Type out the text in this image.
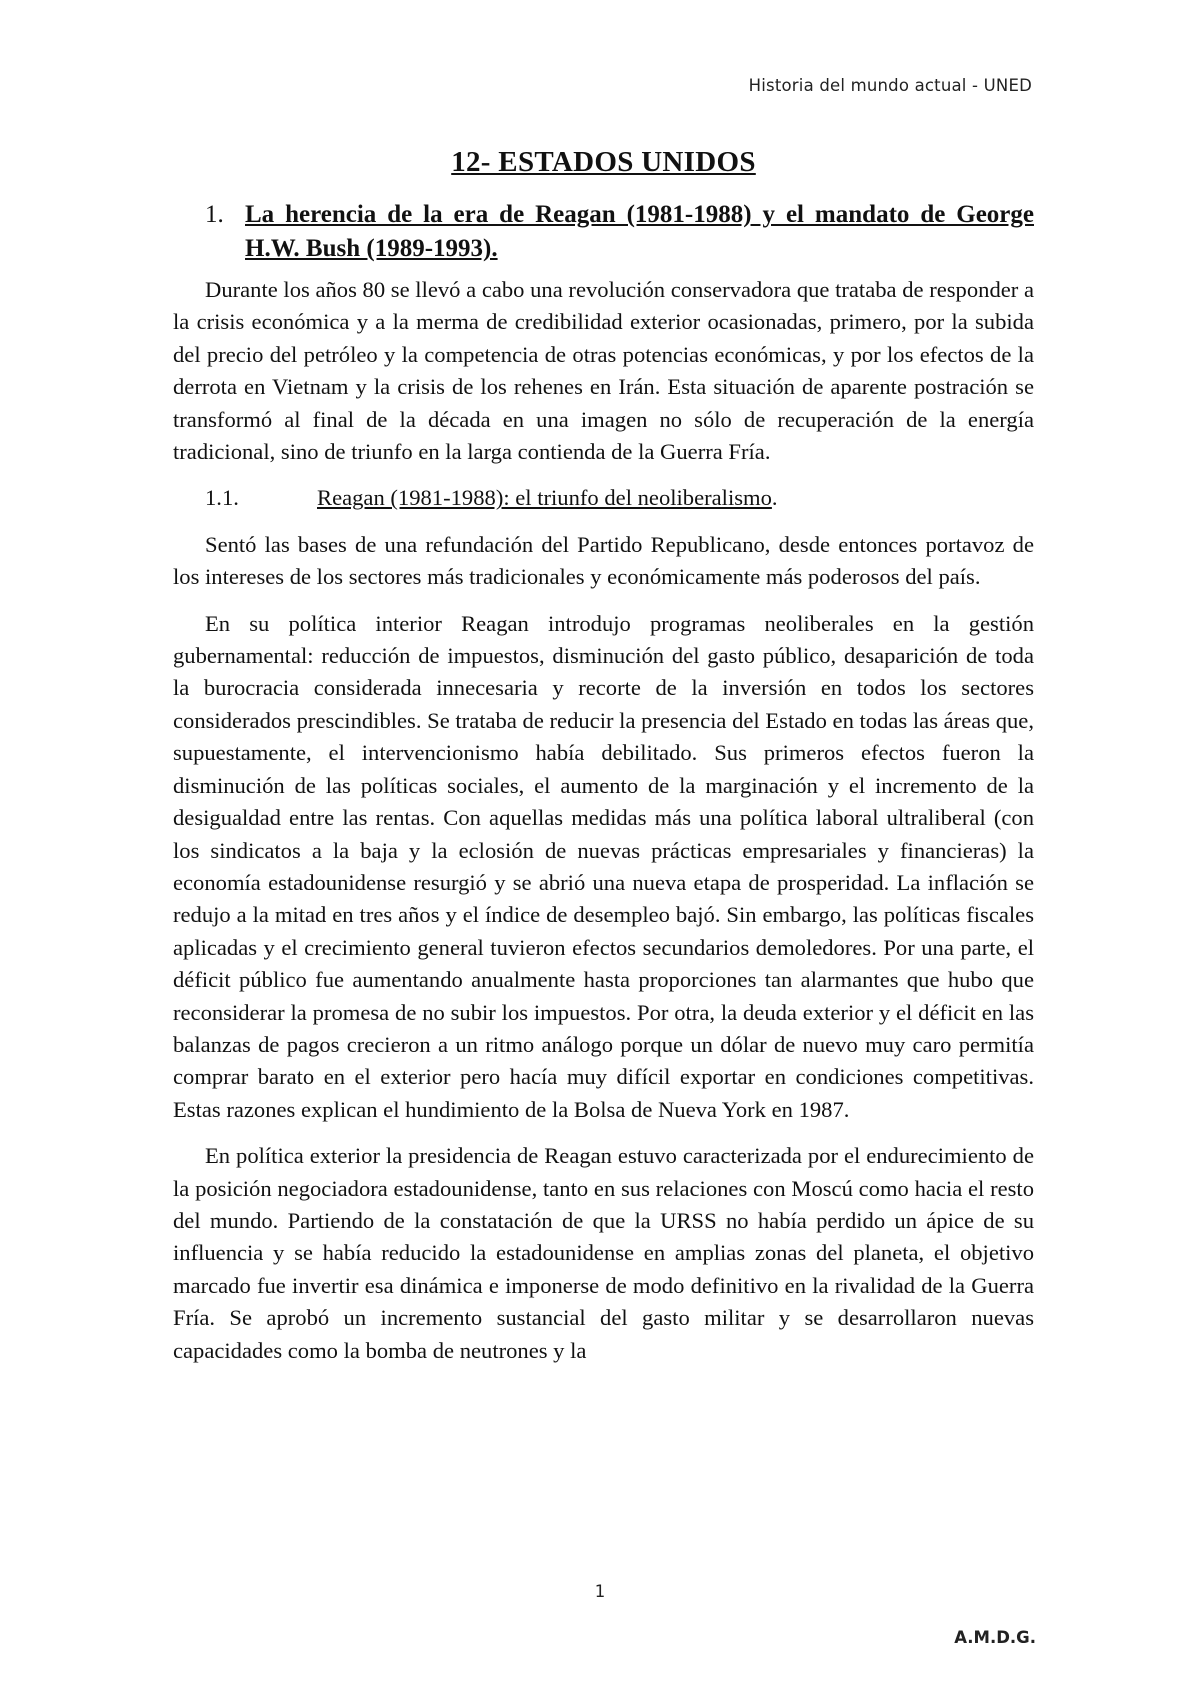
Historia del mundo actual - UNED
12- ESTADOS UNIDOS
1. La herencia de la era de Reagan (1981-1988) y el mandato de George H.W. Bush (1989-1993).

Durante los años 80 se llevó a cabo una revolución conservadora que trataba de responder a la crisis económica y a la merma de credibilidad exterior ocasionadas, primero, por la subida del precio del petróleo y la competencia de otras potencias económicas, y por los efectos de la derrota en Vietnam y la crisis de los rehenes en Irán. Esta situación de aparente postración se transformó al final de la década en una imagen no sólo de recuperación de la energía tradicional, sino de triunfo en la larga contienda de la Guerra Fría.

1.1.	Reagan (1981-1988): el triunfo del neoliberalismo.

Sentó las bases de una refundación del Partido Republicano, desde entonces portavoz de los intereses de los sectores más tradicionales y económicamente más poderosos del país.

En su política interior Reagan introdujo programas neoliberales en la gestión gubernamental: reducción de impuestos, disminución del gasto público, desaparición de toda la burocracia considerada innecesaria y recorte de la inversión en todos los sectores considerados prescindibles. Se trataba de reducir la presencia del Estado en todas las áreas que, supuestamente, el intervencionismo había debilitado. Sus primeros efectos fueron la disminución de las políticas sociales, el aumento de la marginación y el incremento de la desigualdad entre las rentas. Con aquellas medidas más una política laboral ultraliberal (con los sindicatos a la baja y la eclosión de nuevas prácticas empresariales y financieras) la economía estadounidense resurgió y se abrió una nueva etapa de prosperidad. La inflación se redujo a la mitad en tres años y el índice de desempleo bajó. Sin embargo, las políticas fiscales aplicadas y el crecimiento general tuvieron efectos secundarios demoledores. Por una parte, el déficit público fue aumentando anualmente hasta proporciones tan alarmantes que hubo que reconsiderar la promesa de no subir los impuestos. Por otra, la deuda exterior y el déficit en las balanzas de pagos crecieron a un ritmo análogo porque un dólar de nuevo muy caro permitía comprar barato en el exterior pero hacía muy difícil exportar en condiciones competitivas. Estas razones explican el hundimiento de la Bolsa de Nueva York en 1987.

En política exterior la presidencia de Reagan estuvo caracterizada por el endurecimiento de la posición negociadora estadounidense, tanto en sus relaciones con Moscú como hacia el resto del mundo. Partiendo de la constatación de que la URSS no había perdido un ápice de su influencia y se había reducido la estadounidense en amplias zonas del planeta, el objetivo marcado fue invertir esa dinámica e imponerse de modo definitivo en la rivalidad de la Guerra Fría. Se aprobó un incremento sustancial del gasto militar y se desarrollaron nuevas capacidades como la bomba de neutrones y la

1
A.M.D.G.
